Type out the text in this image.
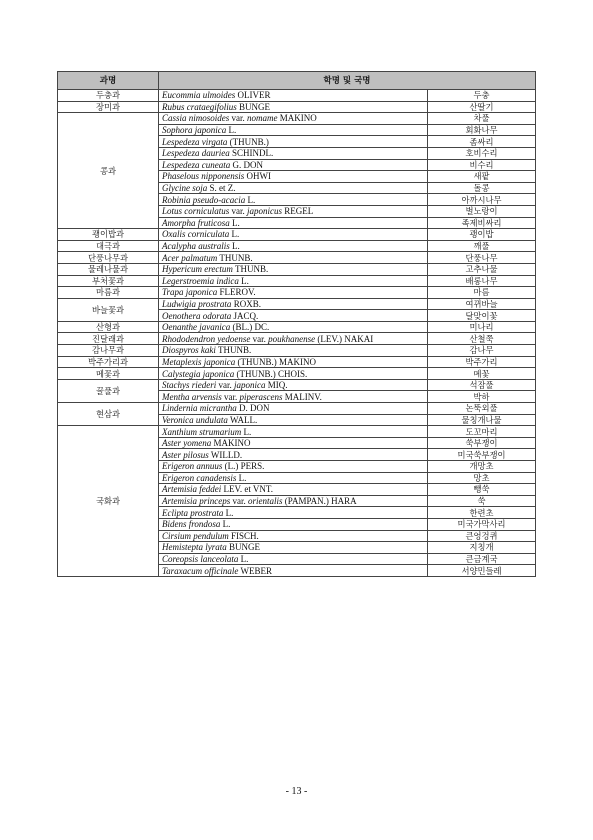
과명	학명 및 국명	
두충과	Eucommia ulmoides OLIVER	두충
장미과	Rubus crataegifolius BUNGE	산딸기
콩과	Cassia nimosoides var. nomame MAKINO	차풀
	Sophora japonica L.	회화나무
	Lespedeza virgata (THUNB.)	좀싸리
	Lespedeza dauriea SCHINDL.	호비수리
	Lespedeza cuneata G. DON	비수리
	Phaselous nipponensis OHWI	새팥
	Glycine soja S. et Z.	돌콩
	Robinia pseudo-acacia L.	아까시나무
	Lotus corniculatus var. japonicus REGEL	벌노랑이
	Amorpha fruticosa L.	족제비싸리
괭이밥과	Oxalis corniculata L.	괭이밥
대극과	Acalypha australis L.	깨풀
단풍나무과	Acer palmatum THUNB.	단풍나무
물레나물과	Hypericum erectum THUNB.	고추나물
부처꽃과	Legerstroemia indica L.	배롱나무
마름과	Trapa japonica FLEROV.	마름
바늘꽃과	Ludwigia prostrata ROXB.	여뀌바늘
	Oenothera odorata JACQ.	달맞이꽃
산형과	Oenanthe javanica (BL.) DC.	미나리
진달래과	Rhododendron yedoense var. poukhanense (LEV.) NAKAI	산철쭉
감나무과	Diospyros kaki THUNB.	감나무
박주가리과	Metaplexis japonica (THUNB.) MAKINO	박주가리
메꽃과	Calystegia japonica (THUNB.) CHOIS.	메꽃
꿀풀과	Stachys riederi var. japonica MIQ.	석잠풀
	Mentha arvensis var. piperascens MALINV.	박하
현삼과	Lindernia micrantha D. DON	논뚝외풀
	Veronica undulata WALL.	물칭개나물
국화과	Xanthium strumarium L.	도꼬마리
	Aster yomena MAKINO	쑥부쟁이
	Aster pilosus WILLD.	미국쑥부쟁이
	Erigeron annuus (L.) PERS.	개망초
	Erigeron canadensis L.	망초
	Artemisia feddei LEV. et VNT.	뺑쑥
	Artemisia princeps var. orientalis (PAMPAN.) HARA	쑥
	Eclipta prostrata L.	한련초
	Bidens frondosa L.	미국가막사리
	Cirsium pendulum FISCH.	큰엉겅퀴
	Hemistepta lyrata BUNGE	지칭개
	Coreopsis lanceolata L.	큰금계국
	Taraxacum officinale WEBER	서양민들레
- 13 -
